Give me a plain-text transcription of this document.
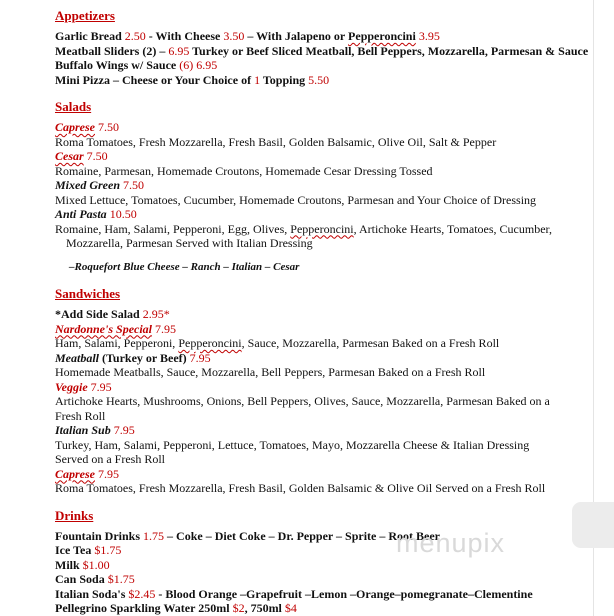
Appetizers
Garlic Bread 2.50 - With Cheese 3.50 – With Jalapeno or Pepperoncini 3.95
Meatball Sliders (2) – 6.95 Turkey or Beef Sliced Meatball, Bell Peppers, Mozzarella, Parmesan & Sauce
Buffalo Wings w/ Sauce (6) 6.95
Mini Pizza – Cheese or Your Choice of 1 Topping 5.50
Salads
Caprese 7.50
Roma Tomatoes, Fresh Mozzarella, Fresh Basil, Golden Balsamic, Olive Oil, Salt & Pepper
Cesar 7.50
Romaine, Parmesan, Homemade Croutons, Homemade Cesar Dressing Tossed
Mixed Green 7.50
Mixed Lettuce, Tomatoes, Cucumber, Homemade Croutons, Parmesan and Your Choice of Dressing
Anti Pasta 10.50
Romaine, Ham, Salami, Pepperoni, Egg, Olives, Pepperoncini, Artichoke Hearts, Tomatoes, Cucumber,
Mozzarella, Parmesan Served with Italian Dressing
–Roquefort Blue Cheese – Ranch – Italian – Cesar
Sandwiches
*Add Side Salad 2.95*
Nardonne's Special 7.95
Ham, Salami, Pepperoni, Pepperoncini, Sauce, Mozzarella, Parmesan Baked on a Fresh Roll
Meatball (Turkey or Beef) 7.95
Homemade Meatballs, Sauce, Mozzarella, Bell Peppers, Parmesan Baked on a Fresh Roll
Veggie 7.95
Artichoke Hearts, Mushrooms, Onions, Bell Peppers, Olives, Sauce, Mozzarella, Parmesan Baked on a
Fresh Roll
Italian Sub 7.95
Turkey, Ham, Salami, Pepperoni, Lettuce, Tomatoes, Mayo, Mozzarella Cheese & Italian Dressing
Served on a Fresh Roll
Caprese 7.95
Roma Tomatoes, Fresh Mozzarella, Fresh Basil, Golden Balsamic & Olive Oil Served on a Fresh Roll
Drinks
Fountain Drinks 1.75 – Coke – Diet Coke – Dr. Pepper – Sprite – Root Beer
Ice Tea $1.75
Milk $1.00
Can Soda $1.75
Italian Soda's $2.45 - Blood Orange –Grapefruit –Lemon –Orange–pomegranate–Clementine
Pellegrino Sparkling Water 250ml $2, 750ml $4
menupix
